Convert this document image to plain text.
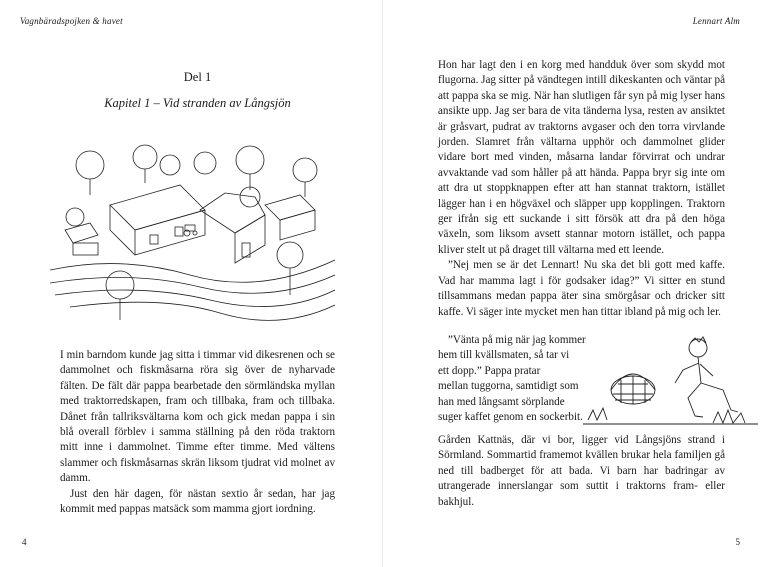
Vagnbäradspojken & havet
Del 1
Kapitel 1 – Vid stranden av Långsjön

I min barndom kunde jag sitta i timmar vid dikesrenen och se dammolnet och fiskmåsarna röra sig över de nyharvade fälten. De fält där pappa bearbetade den sörmländska myllan med traktorredskapen, fram och tillbaka, fram och tillbaka. Dånet från tallriksvältarna kom och gick medan pappa i sin blå overall förblev i samma ställning på den röda traktorn mitt inne i dammolnet. Timme efter timme. Med vältens slammer och fiskmåsarnas skrän liksom tjudrat vid molnet av damm.

Just den här dagen, för nästan sextio år sedan, har jag kommit med pappas matsäck som mamma gjort iordning.

4
Lennart Alm

Hon har lagt den i en korg med handduk över som skydd mot flugorna. Jag sitter på vändtegen intill dikeskanten och väntar på att pappa ska se mig. När han slutligen får syn på mig lyser hans ansikte upp. Jag ser bara de vita tänderna lysa, resten av ansiktet är gråsvart, pudrat av traktorns avgaser och den torra virvlande jorden. Slamret från vältarna upphör och dammolnet glider vidare bort med vinden, måsarna landar förvirrat och undrar avvaktande vad som håller på att hända. Pappa bryr sig inte om att dra ut stoppknappen efter att han stannat traktorn, istället lägger han i en högväxel och släpper upp kopplingen. Traktorn ger ifrån sig ett suckande i sitt försök att dra på den höga växeln, som liksom avsett stannar motorn istället, och pappa kliver stelt ut på draget till vältarna med ett leende.

”Nej men se är det Lennart! Nu ska det bli gott med kaffe. Vad har mamma lagt i för godsaker idag?” Vi sitter en stund tillsammans medan pappa äter sina smörgåsar och dricker sitt kaffe. Vi säger inte mycket men han tittar ibland på mig och ler.

”Vänta på mig när jag kommer

hem till kvällsmaten, så tar vi

ett dopp.” Pappa pratar

mellan tuggorna, samtidigt som

han med långsamt sörplande

suger kaffet genom en sockerbit.

Gården Kattnäs, där vi bor, ligger vid Långsjöns strand i Sörmland. Sommartid framemot kvällen brukar hela familjen gå ned till badberget för att bada. Vi barn har badringar av utrangerade innerslangar som suttit i traktorns fram- eller bakhjul.

5
